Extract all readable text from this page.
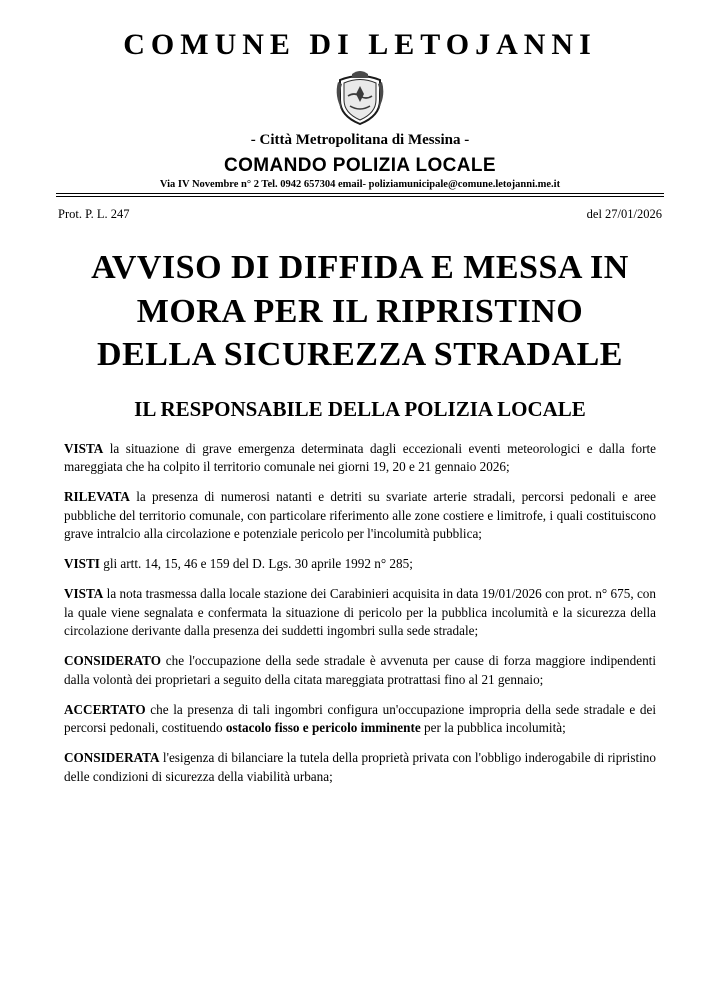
COMUNE DI LETOJANNI
- Città Metropolitana di Messina -
COMANDO POLIZIA LOCALE
Via IV Novembre n° 2 Tel. 0942 657304 email- poliziamunicipale@comune.letojanni.me.it
Prot. P. L. 247	del 27/01/2026
AVVISO DI DIFFIDA E MESSA IN MORA PER IL RIPRISTINO DELLA SICUREZZA STRADALE
IL RESPONSABILE DELLA POLIZIA LOCALE

VISTA la situazione di grave emergenza determinata dagli eccezionali eventi meteorologici e dalla forte mareggiata che ha colpito il territorio comunale nei giorni 19, 20 e 21 gennaio 2026;

RILEVATA la presenza di numerosi natanti e detriti su svariate arterie stradali, percorsi pedonali e aree pubbliche del territorio comunale, con particolare riferimento alle zone costiere e limitrofe, i quali costituiscono grave intralcio alla circolazione e potenziale pericolo per l'incolumità pubblica;

VISTI gli artt. 14, 15, 46 e 159 del D. Lgs. 30 aprile 1992 n° 285;

VISTA la nota trasmessa dalla locale stazione dei Carabinieri acquisita in data 19/01/2026 con prot. n° 675, con la quale viene segnalata e confermata la situazione di pericolo per la pubblica incolumità e la sicurezza della circolazione derivante dalla presenza dei suddetti ingombri sulla sede stradale;

CONSIDERATO che l'occupazione della sede stradale è avvenuta per cause di forza maggiore indipendenti dalla volontà dei proprietari a seguito della citata mareggiata protrattasi fino al 21 gennaio;

ACCERTATO che la presenza di tali ingombri configura un'occupazione impropria della sede stradale e dei percorsi pedonali, costituendo ostacolo fisso e pericolo imminente per la pubblica incolumità;

CONSIDERATA l'esigenza di bilanciare la tutela della proprietà privata con l'obbligo inderogabile di ripristino delle condizioni di sicurezza della viabilità urbana;
